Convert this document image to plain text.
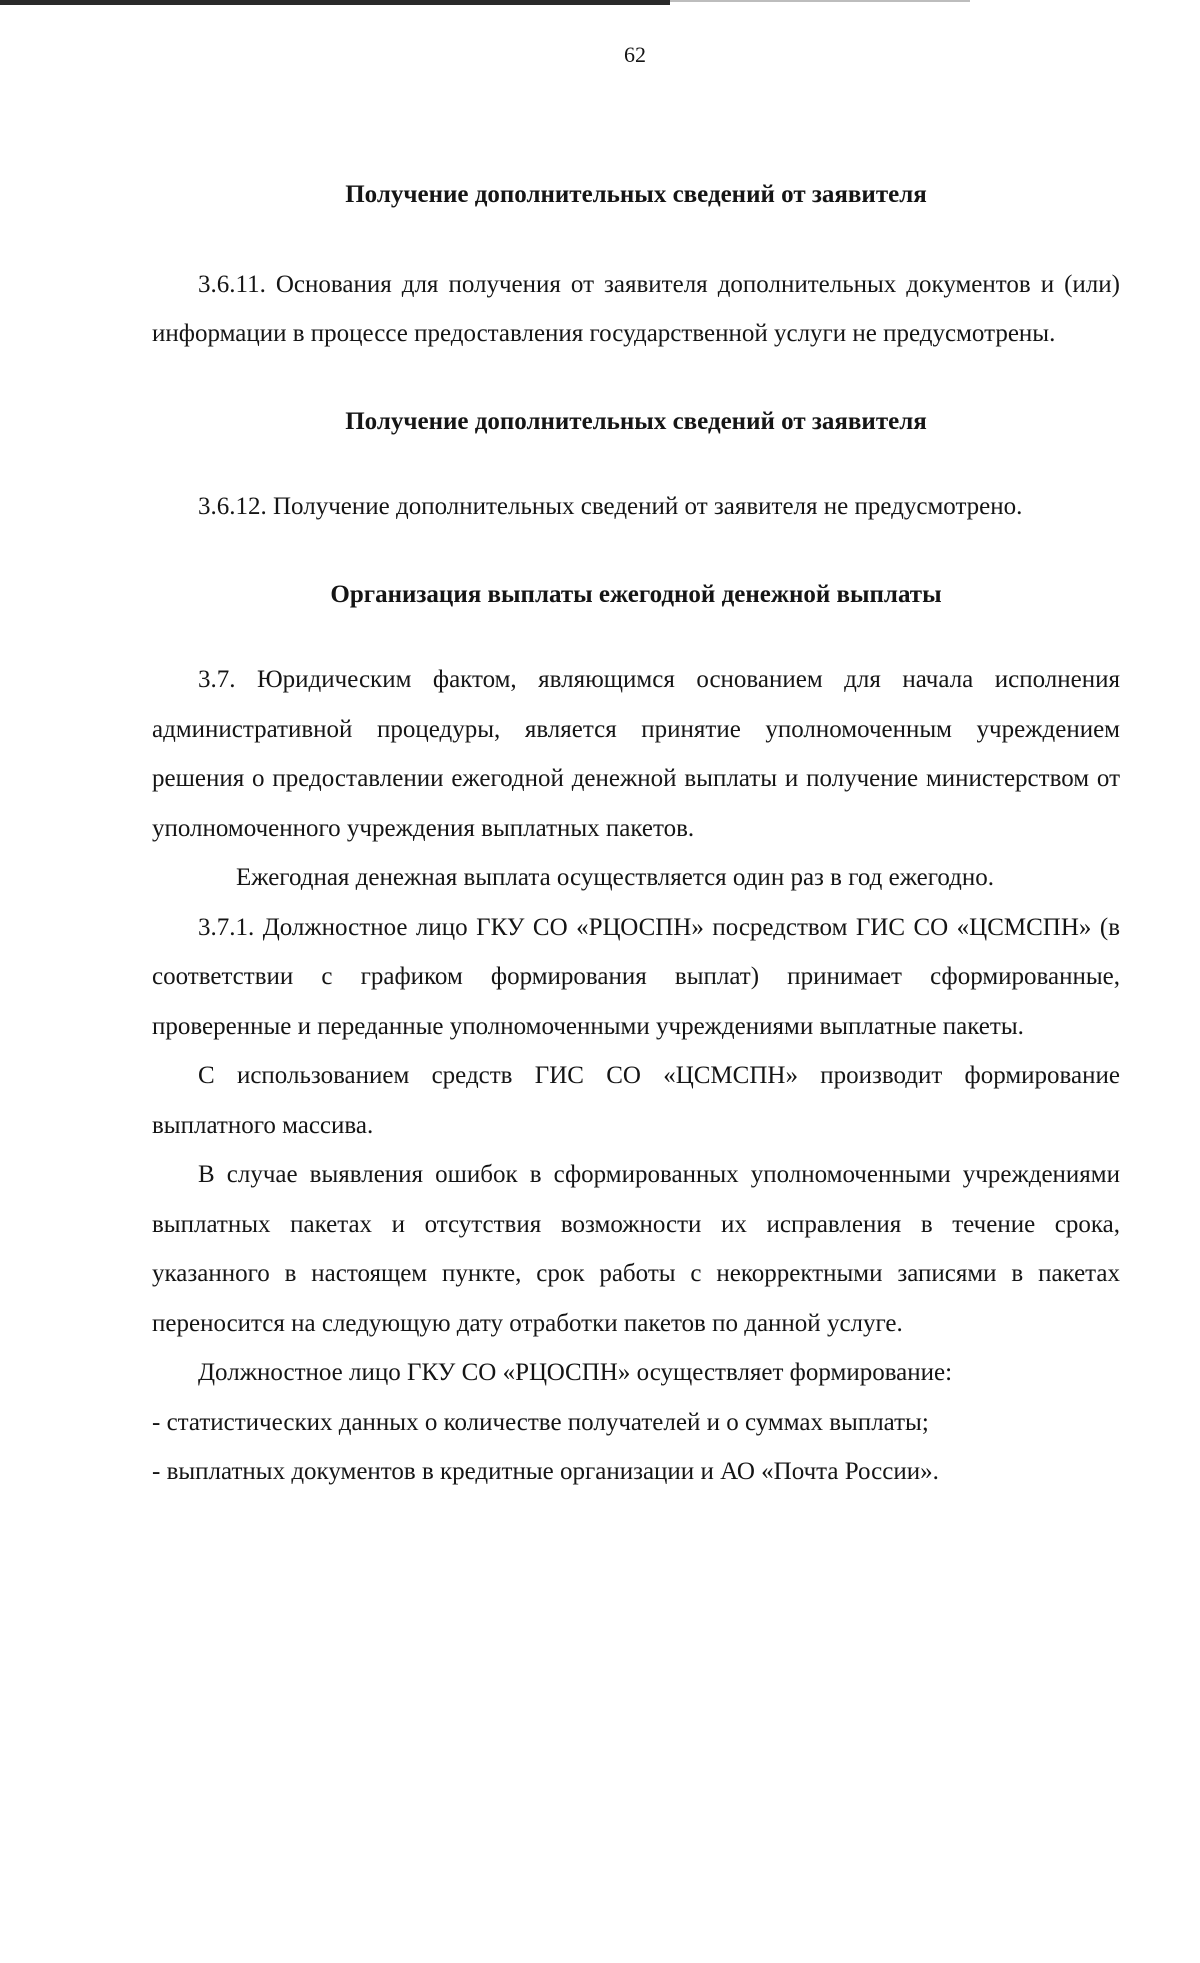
62

Получение дополнительных сведений от заявителя

3.6.11. Основания для получения от заявителя дополнительных документов и (или) информации в процессе предоставления государственной услуги не предусмотрены.

Получение дополнительных сведений от заявителя

3.6.12. Получение дополнительных сведений от заявителя не предусмотрено.

Организация выплаты ежегодной денежной выплаты

3.7. Юридическим фактом, являющимся основанием для начала исполнения административной процедуры, является принятие уполномоченным учреждением решения о предоставлении ежегодной денежной выплаты и получение министерством от уполномоченного учреждения выплатных пакетов.

Ежегодная денежная выплата осуществляется один раз в год ежегодно.

3.7.1. Должностное лицо ГКУ СО «РЦОСПН» посредством ГИС СО «ЦСМСПН» (в соответствии с графиком формирования выплат) принимает сформированные, проверенные и переданные уполномоченными учреждениями выплатные пакеты.

С использованием средств ГИС СО «ЦСМСПН» производит формирование выплатного массива.

В случае выявления ошибок в сформированных уполномоченными учреждениями выплатных пакетах и отсутствия возможности их исправления в течение срока, указанного в настоящем пункте, срок работы с некорректными записями в пакетах переносится на следующую дату отработки пакетов по данной услуге.

Должностное лицо ГКУ СО «РЦОСПН» осуществляет формирование:

- статистических данных о количестве получателей и о суммах выплаты;

- выплатных документов в кредитные организации и АО «Почта России».
